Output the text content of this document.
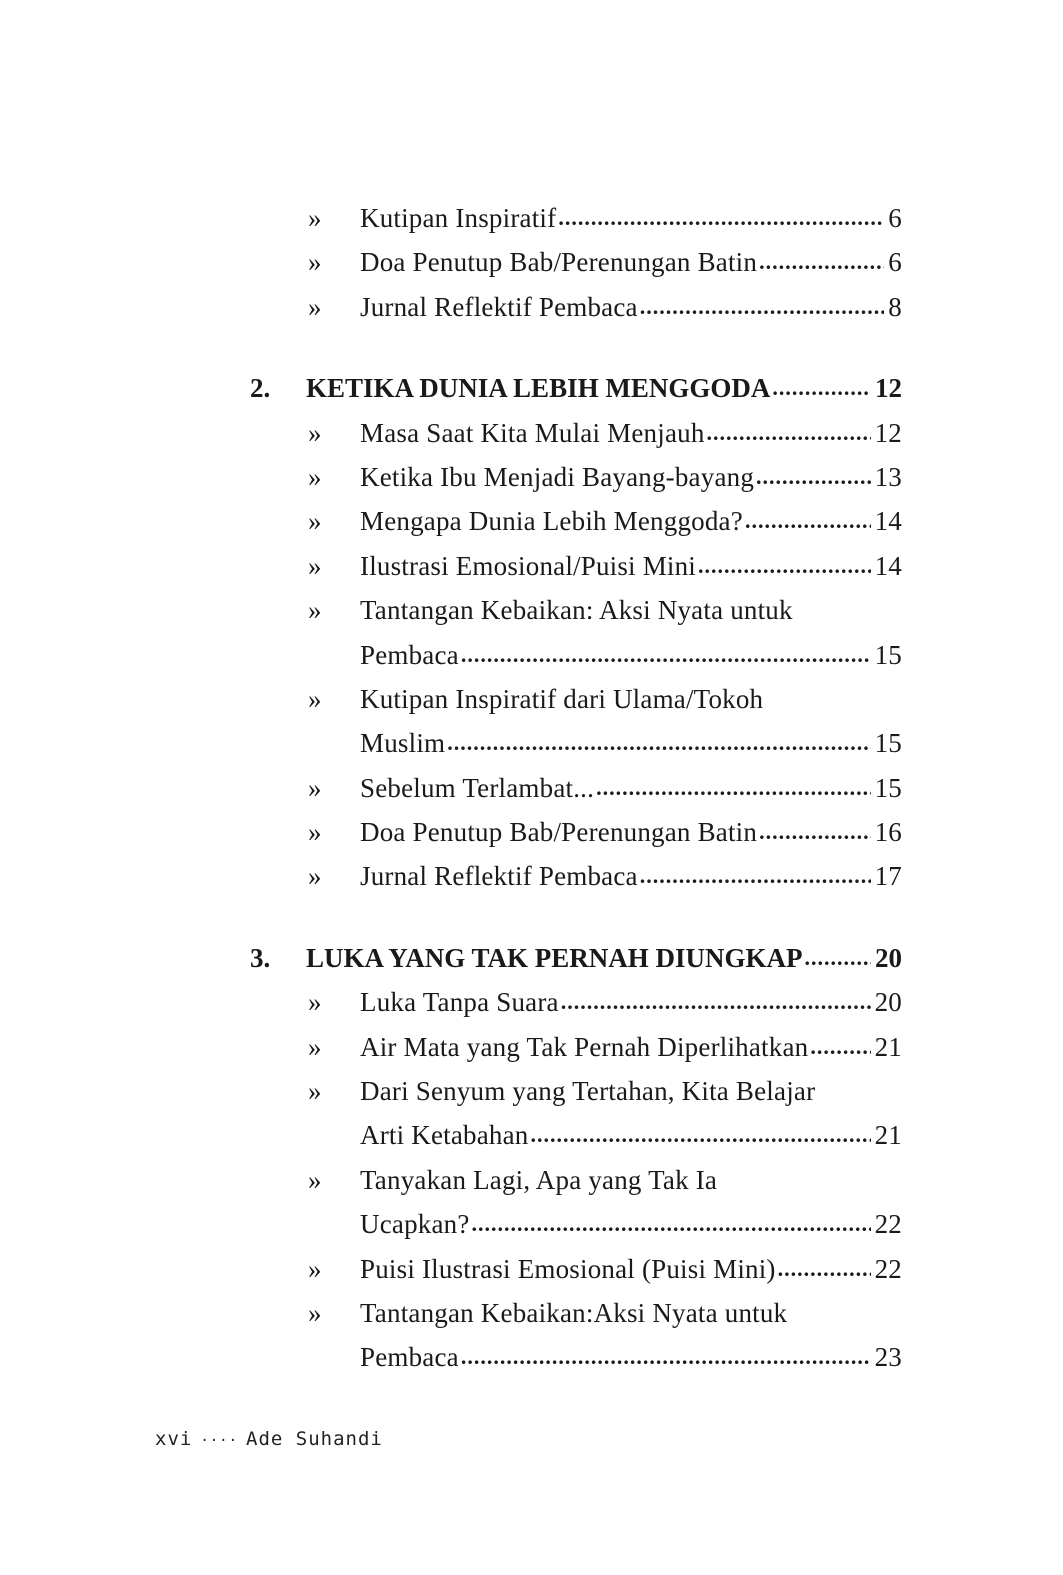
»	Kutipan Inspiratif .....	6
»	Doa Penutup Bab/Perenungan Batin .....	6
»	Jurnal Reflektif Pembaca .....	8
2.	KETIKA DUNIA LEBIH MENGGODA .....	12
»	Masa Saat Kita Mulai Menjauh .....	12
»	Ketika Ibu Menjadi Bayang-bayang .....	13
»	Mengapa Dunia Lebih Menggoda? .....	14
»	Ilustrasi Emosional/Puisi Mini .....	14
»	Tantangan Kebaikan: Aksi Nyata untuk
Pembaca .....	15
»	Kutipan Inspiratif dari Ulama/Tokoh
Muslim .....	15
»	Sebelum Terlambat... .....	15
»	Doa Penutup Bab/Perenungan Batin .....	16
»	Jurnal Reflektif Pembaca .....	17
3.	LUKA YANG TAK PERNAH DIUNGKAP .....	20
»	Luka Tanpa Suara .....	20
»	Air Mata yang Tak Pernah Diperlihatkan ..... 21
»	Dari Senyum yang Tertahan, Kita Belajar
Arti Ketabahan .....	21
»	Tanyakan Lagi, Apa yang Tak Ia
Ucapkan? .....	22
»	Puisi Ilustrasi Emosional (Puisi Mini) .....	22
»	Tantangan Kebaikan:Aksi Nyata untuk
Pembaca .....	23
xvi ···· Ade Suhandi
